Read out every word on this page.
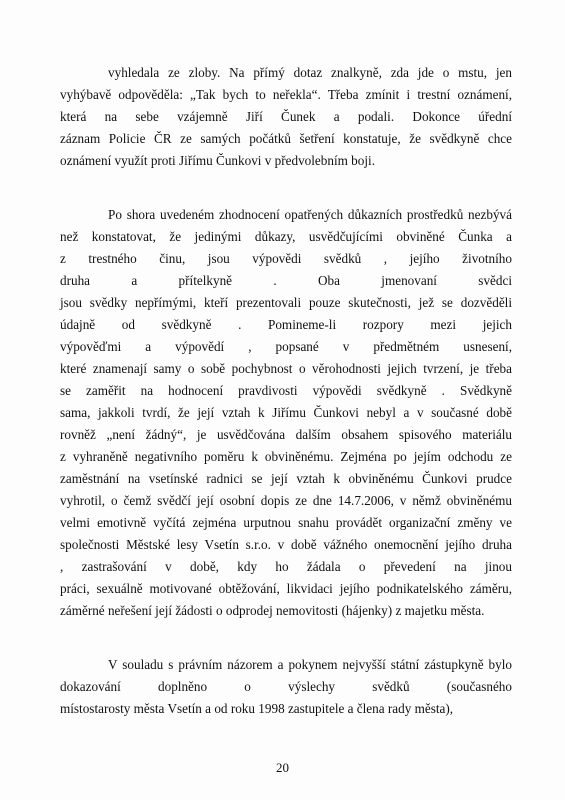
vyhledala ze zloby. Na přímý dotaz znalkyně, zda jde o mstu, jen
vyhýbavě odpověděla: „Tak bych to neřekla“. Třeba zmínit i trestní oznámení,
která na sebe vzájemně Jiří Čunek a podali. Dokonce úřední
záznam Policie ČR ze samých počátků šetření konstatuje, že svědkyně chce
oznámení využít proti Jiřímu Čunkovi v předvolebním boji.
Po shora uvedeném zhodnocení opatřených důkazních prostředků nezbývá
než konstatovat, že jedinými důkazy, usvědčujícími obviněné Čunka a
z trestného činu, jsou výpovědi svědků , jejího životního
druha a přítelkyně . Oba jmenovaní svědci
jsou svědky nepřímými, kteří prezentovali pouze skutečnosti, jež se dozvěděli
údajně od svědkyně . Pomineme-li rozpory mezi jejich
výpověďmi a výpovědí , popsané v předmětném usnesení,
které znamenají samy o sobě pochybnost o věrohodnosti jejich tvrzení, je třeba
se zaměřit na hodnocení pravdivosti výpovědi svědkyně . Svědkyně
sama, jakkoli tvrdí, že její vztah k Jiřímu Čunkovi nebyl a v současné době
rovněž „není žádný“, je usvědčována dalším obsahem spisového materiálu
z vyhraněně negativního poměru k obviněnému. Zejména po jejím odchodu ze
zaměstnání na vsetínské radnici se její vztah k obviněnému Čunkovi prudce
vyhrotil, o čemž svědčí její osobní dopis ze dne 14.7.2006, v němž obviněnému
velmi emotivně vyčítá zejména urputnou snahu provádět organizační změny ve
společnosti Městské lesy Vsetín s.r.o. v době vážného onemocnění jejího druha
, zastrašování v době, kdy ho žádala o převedení na jinou
práci, sexuálně motivované obtěžování, likvidaci jejího podnikatelského záměru,
záměrné neřešení její žádosti o odprodej nemovitosti (hájenky) z majetku města.
V souladu s právním názorem a pokynem nejvyšší státní zástupkyně bylo
dokazování doplněno o výslechy svědků (současného
místostarosty města Vsetín a od roku 1998 zastupitele a člena rady města),
20
